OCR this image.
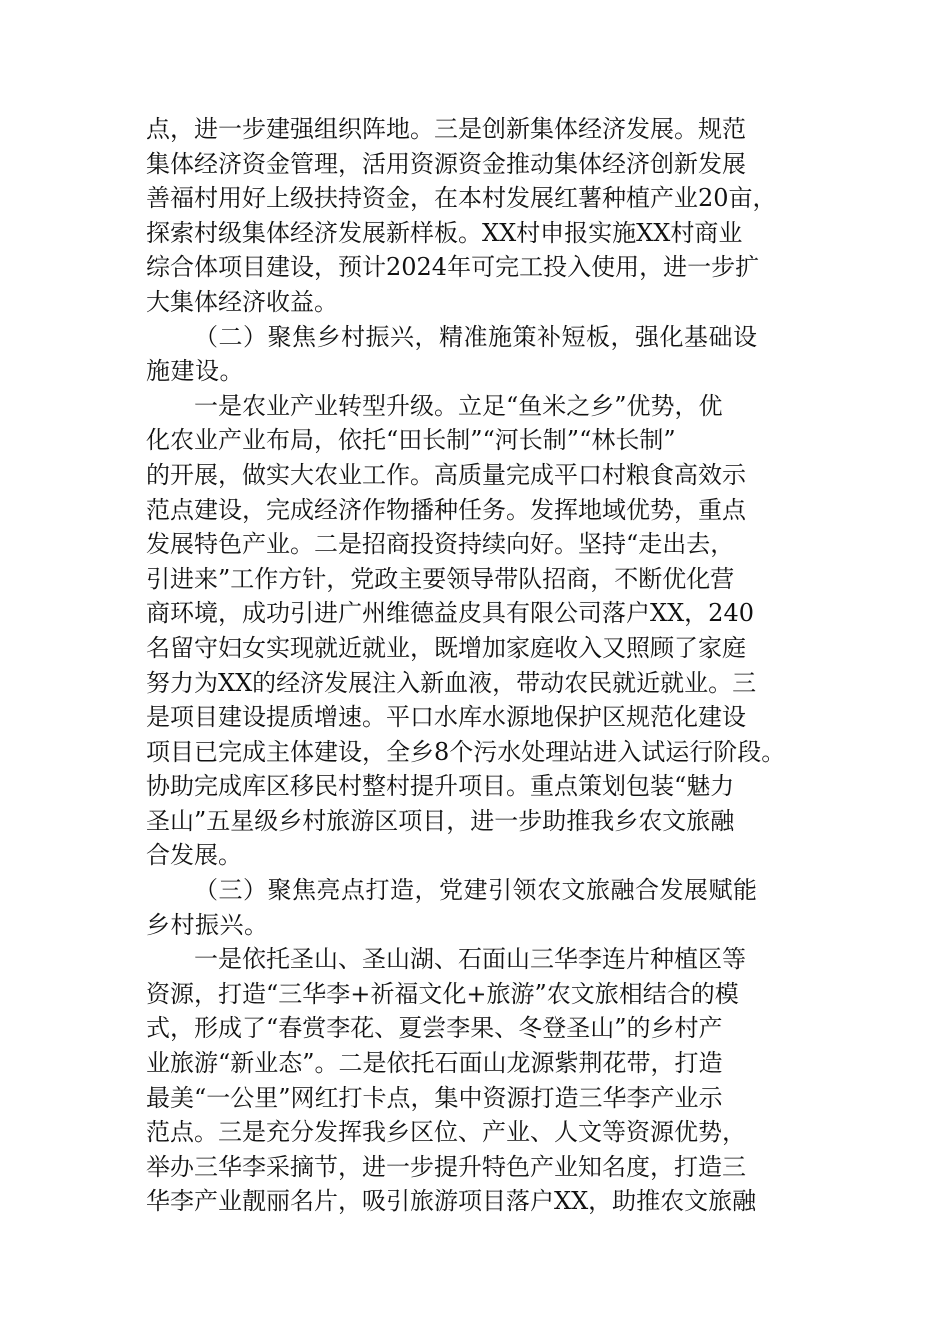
点，进一步建强组织阵地。三是创新集体经济发展。规范
集体经济资金管理，活用资源资金推动集体经济创新发展
善福村用好上级扶持资金，在本村发展红薯种植产业20亩，
探索村级集体经济发展新样板。XX村申报实施XX村商业
综合体项目建设，预计2024年可完工投入使用，进一步扩
大集体经济收益。
（二）聚焦乡村振兴，精准施策补短板，强化基础设
施建设。
一是农业产业转型升级。立足“鱼米之乡”优势，优
化农业产业布局，依托“田长制”“河长制”“林长制”
的开展，做实大农业工作。高质量完成平口村粮食高效示
范点建设，完成经济作物播种任务。发挥地域优势，重点
发展特色产业。二是招商投资持续向好。坚持“走出去，
引进来”工作方针，党政主要领导带队招商，不断优化营
商环境，成功引进广州维德益皮具有限公司落户XX，240
名留守妇女实现就近就业，既增加家庭收入又照顾了家庭
努力为XX的经济发展注入新血液，带动农民就近就业。三
是项目建设提质增速。平口水库水源地保护区规范化建设
项目已完成主体建设，全乡8个污水处理站进入试运行阶段。
协助完成库区移民村整村提升项目。重点策划包装“魅力
圣山”五星级乡村旅游区项目，进一步助推我乡农文旅融
合发展。
（三）聚焦亮点打造，党建引领农文旅融合发展赋能
乡村振兴。
一是依托圣山、圣山湖、石面山三华李连片种植区等
资源，打造“三华李+祈福文化+旅游”农文旅相结合的模
式，形成了“春赏李花、夏尝李果、冬登圣山”的乡村产
业旅游“新业态”。二是依托石面山龙源紫荆花带，打造
最美“一公里”网红打卡点，集中资源打造三华李产业示
范点。三是充分发挥我乡区位、产业、人文等资源优势，
举办三华李采摘节，进一步提升特色产业知名度，打造三
华李产业靓丽名片，吸引旅游项目落户XX，助推农文旅融
